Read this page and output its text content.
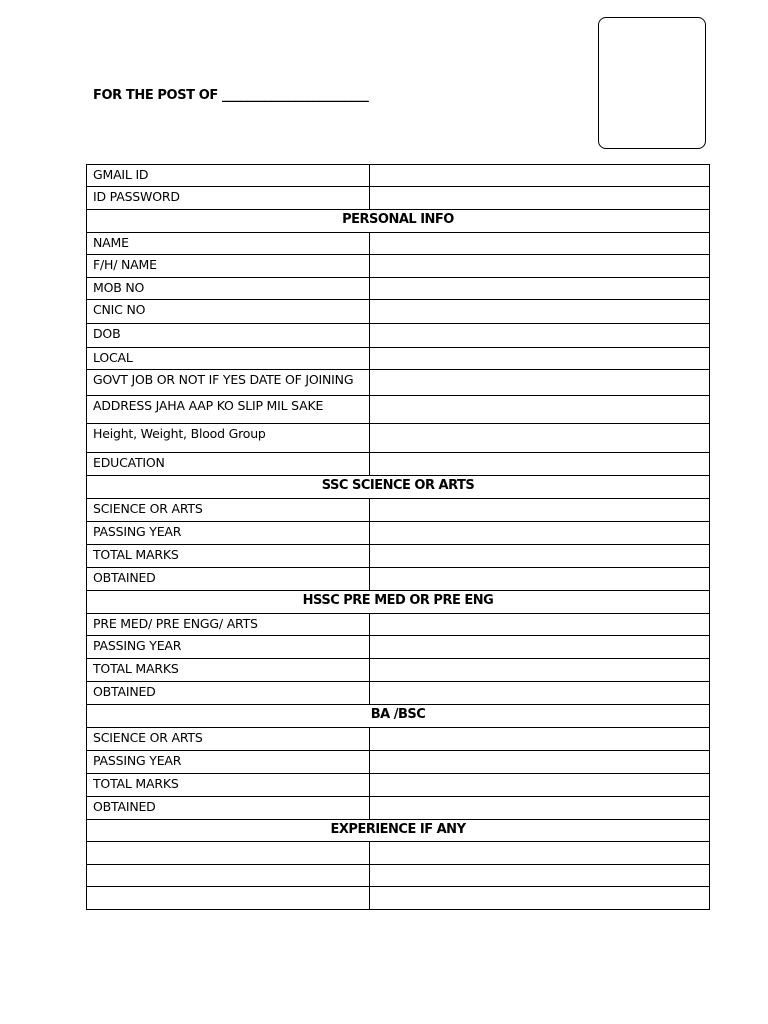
FOR THE POST OF ________________________
GMAIL ID	
ID PASSWORD	
PERSONAL INFO	
NAME	
F/H/ NAME	
MOB NO	
CNIC NO	
DOB	
LOCAL	
GOVT JOB OR NOT IF YES DATE OF JOINING	
ADDRESS JAHA AAP KO SLIP MIL SAKE	
Height, Weight, Blood Group	
EDUCATION	
SSC SCIENCE OR ARTS	
SCIENCE OR ARTS	
PASSING YEAR	
TOTAL MARKS	
OBTAINED	
HSSC PRE MED OR PRE ENG	
PRE MED/ PRE ENGG/ ARTS	
PASSING YEAR	
TOTAL MARKS	
OBTAINED	
BA /BSC	
SCIENCE OR ARTS	
PASSING YEAR	
TOTAL MARKS	
OBTAINED	
EXPERIENCE IF ANY	
